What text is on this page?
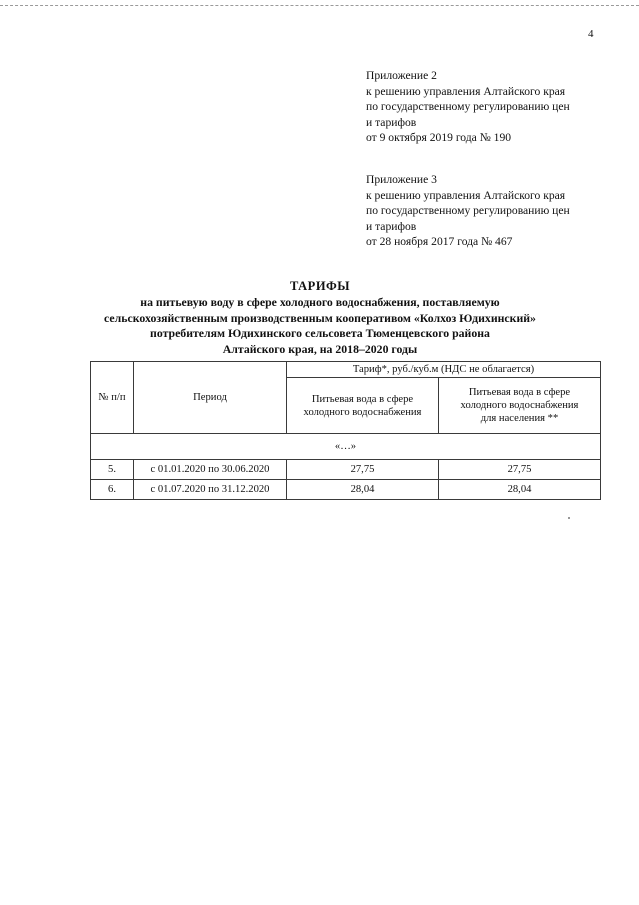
4
Приложение 2
к решению управления Алтайского края
по государственному регулированию цен
и тарифов
от 9 октября 2019 года № 190
Приложение 3
к решению управления Алтайского края
по государственному регулированию цен
и тарифов
от 28 ноября 2017 года № 467
ТАРИФЫ
на питьевую воду в сфере холодного водоснабжения, поставляемую
сельскохозяйственным производственным кооперативом «Колхоз Юдихинский»
потребителям Юдихинского сельсовета Тюменцевского района
Алтайского края, на 2018–2020 годы
№ п/п	Период	Тариф*, руб./куб.м (НДС не облагается)	
		Питьевая вода в сфере холодного водоснабжения	Питьевая вода в сфере
холодного водоснабжения
для населения **

«…»			
5.	с 01.01.2020 по 30.06.2020	27,75	27,75
6.	с 01.07.2020 по 31.12.2020	28,04	28,04
